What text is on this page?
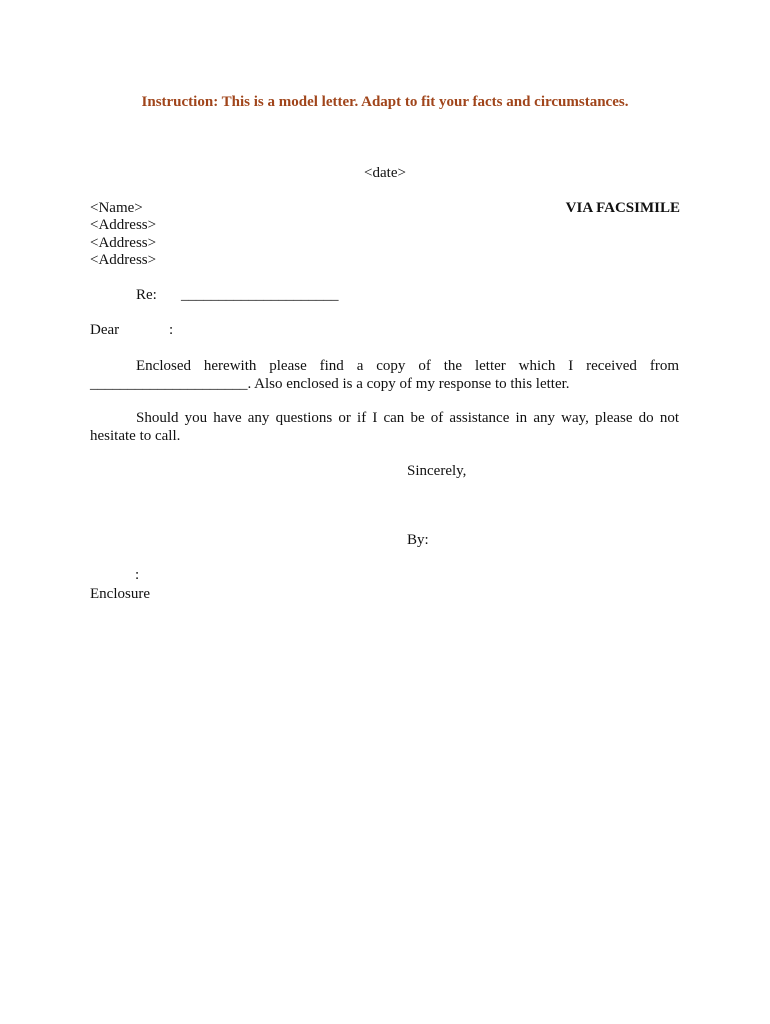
Instruction: This is a model letter. Adapt to fit your facts and circumstances.
<date>
VIA FACSIMILE
<Name>
<Address>
<Address>
<Address>
Re: _____________________
Dear	:
Enclosed herewith please find a copy of the letter which I received from _____________________. Also enclosed is a copy of my response to this letter.
Should you have any questions or if I can be of assistance in any way, please do not hesitate to call.
Sincerely,
By:
:
Enclosure
